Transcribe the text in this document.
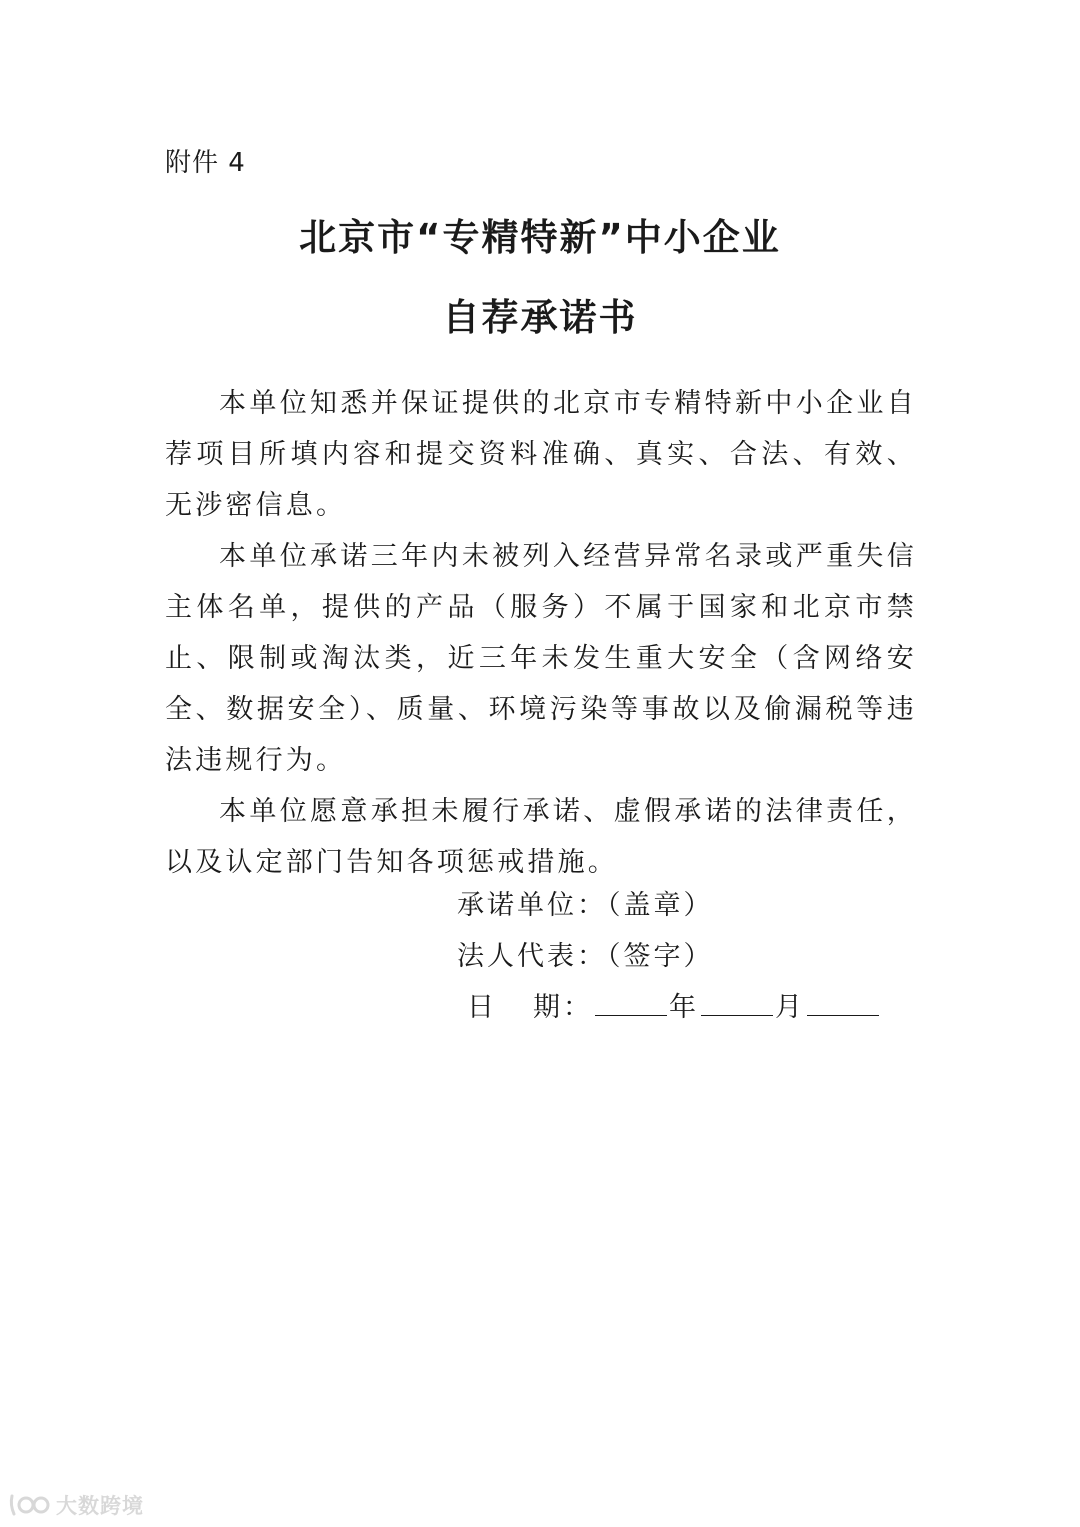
附件 4
北京市“专精特新”中小企业
自荐承诺书

本单位知悉并保证提供的北京市专精特新中小企业自荐项目所填内容和提交资料准确、真实、合法、有效、无涉密信息。

本单位承诺三年内未被列入经营异常名录或严重失信主体名单，提供的产品（服务）不属于国家和北京市禁止、限制或淘汰类，近三年未发生重大安全（含网络安全、数据安全）、质量、环境污染等事故以及偷漏税等违法违规行为。

本单位愿意承担未履行承诺、虚假承诺的法律责任，以及认定部门告知各项惩戒措施。

承诺单位：（盖章）
法人代表：（签字）
日 期：	年	月
大数跨境
